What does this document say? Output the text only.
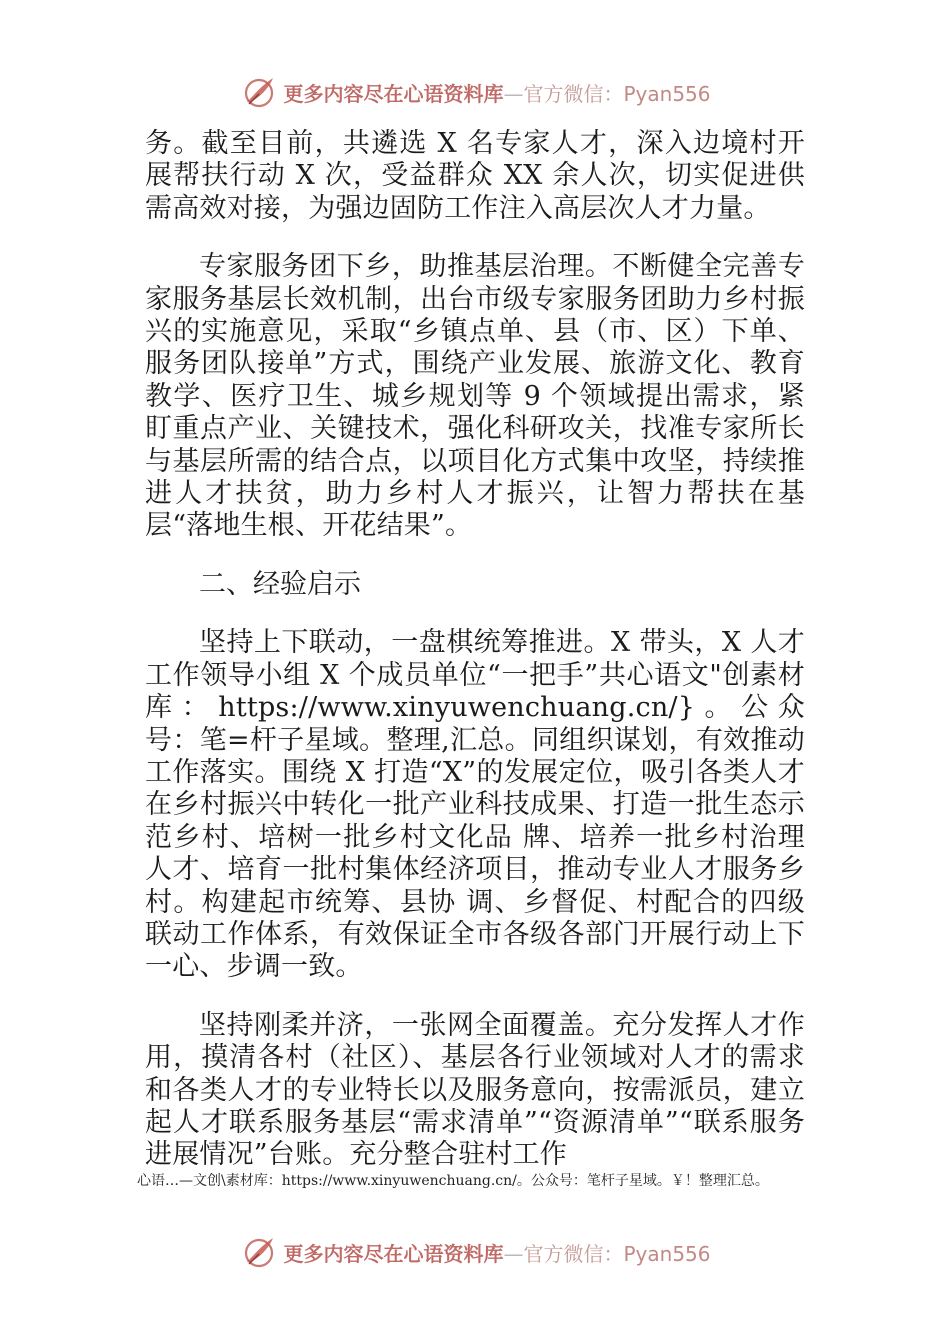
更多内容尽在心语资料库—官方微信：Pyan556

务。截至目前，共遴选 X 名专家人才，深入边境村开展帮扶行动 X 次，受益群众 XX 余人次，切实促进供需高效对接，为强边固防工作注入高层次人才力量。

专家服务团下乡，助推基层治理。不断健全完善专家服务基层长效机制，出台市级专家服务团助力乡村振兴的实施意见，采取“乡镇点单、县（市、区）下单、服务团队接单”方式，围绕产业发展、旅游文化、教育教学、医疗卫生、城乡规划等 9 个领域提出需求，紧盯重点产业、关键技术，强化科研攻关，找准专家所长与基层所需的结合点，以项目化方式集中攻坚，持续推进人才扶贫，助力乡村人才振兴，让智力帮扶在基层“落地生根、开花结果”。

二、经验启示

坚持上下联动，一盘棋统筹推进。X 带头，X 人才工作领导小组 X 个成员单位“一把手”共心语文"创素材库：https://www.xinyuwenchuang.cn/}。公众号：笔=杆子星域。整理,汇总。同组织谋划，有效推动工作落实。围绕 X 打造“X”的发展定位，吸引各类人才在乡村振兴中转化一批产业科技成果、打造一批生态示范乡村、培树一批乡村文化品 牌、培养一批乡村治理人才、培育一批村集体经济项目，推动专业人才服务乡村。构建起市统筹、县协 调、乡督促、村配合的四级联动工作体系，有效保证全市各级各部门开展行动上下一心、步调一致。

坚持刚柔并济，一张网全面覆盖。充分发挥人才作用，摸清各村（社区）、基层各行业领域对人才的需求和各类人才的专业特长以及服务意向，按需派员，建立起人才联系服务基层“需求清单”“资源清单”“联系服务进展情况”台账。充分整合驻村工作

心语…—文创\素材库：https://www.xinyuwenchuang.cn/。公众号：笔杆子星域。￥！整理汇总。
更多内容尽在心语资料库—官方微信：Pyan556
